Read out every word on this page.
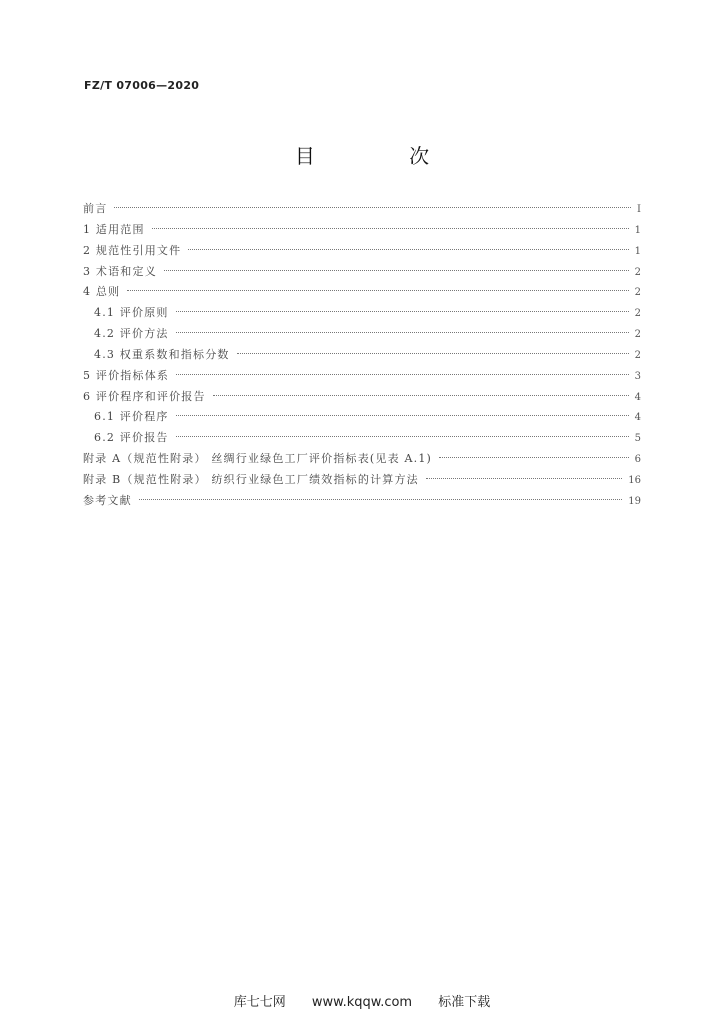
FZ/T 07006—2020
目 次
前言	I
1 适用范围	1
2 规范性引用文件	1
3 术语和定义	2
4 总则	2
4.1 评价原则	2
4.2 评价方法	2
4.3 权重系数和指标分数	2
5 评价指标体系	3
6 评价程序和评价报告	4
6.1 评价程序	4
6.2 评价报告	5
附录 A（规范性附录） 丝绸行业绿色工厂评价指标表(见表 A.1)	6
附录 B（规范性附录） 纺织行业绿色工厂绩效指标的计算方法	16
参考文献	19
库七七网 www.kqqw.com 标准下载
